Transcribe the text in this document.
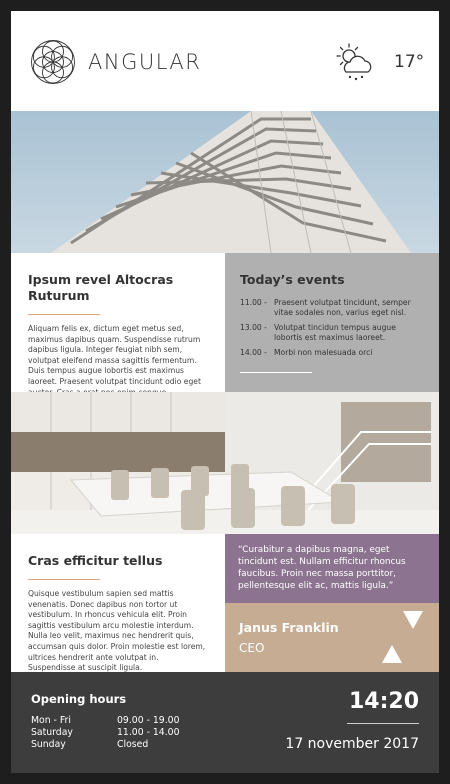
ANGULAR	17°
Ipsum revel Altocras Ruturum

Aliquam felis ex, dictum eget metus sed, maximus dapibus quam. Suspendisse rutrum dapibus ligula. Integer feugiat nibh sem, volutpat eleifend massa sagittis fermentum. Duis tempus augue lobortis est maximus laoreet. Praesent volutpat tincidunt odio eget

Today’s events
11.00 - Praesent volutpat tincidunt, semper vitae sodales non, varius eget nisl.
13.00 - Volutpat tincidun tempus augue lobortis est maximus laoreet.
14.00 - Morbi non malesuada orci
Cras efficitur tellus

Quisque vestibulum sapien sed mattis venenatis. Donec dapibus non tortor ut vestibulum. In rhoncus vehicula elit. Proin sagittis vestibulum arcu molestie interdum. Nulla leo velit, maximus nec hendrerit quis, accumsan quis dolor. Proin molestie est lorem, ultrices hendrerit ante volutpat in. Suspendisse at suscipit ligula.

“Curabitur a dapibus magna, eget tincidunt est. Nullam efficitur rhoncus faucibus. Proin nec massa porttitor, pellentesque elit ac, mattis ligula.”

Janus Franklin
CEO
Opening hours
Mon - Fri	09.00 - 19.00
Saturday	11.00 - 14.00
Sunday	Closed
14:20
17 november 2017
